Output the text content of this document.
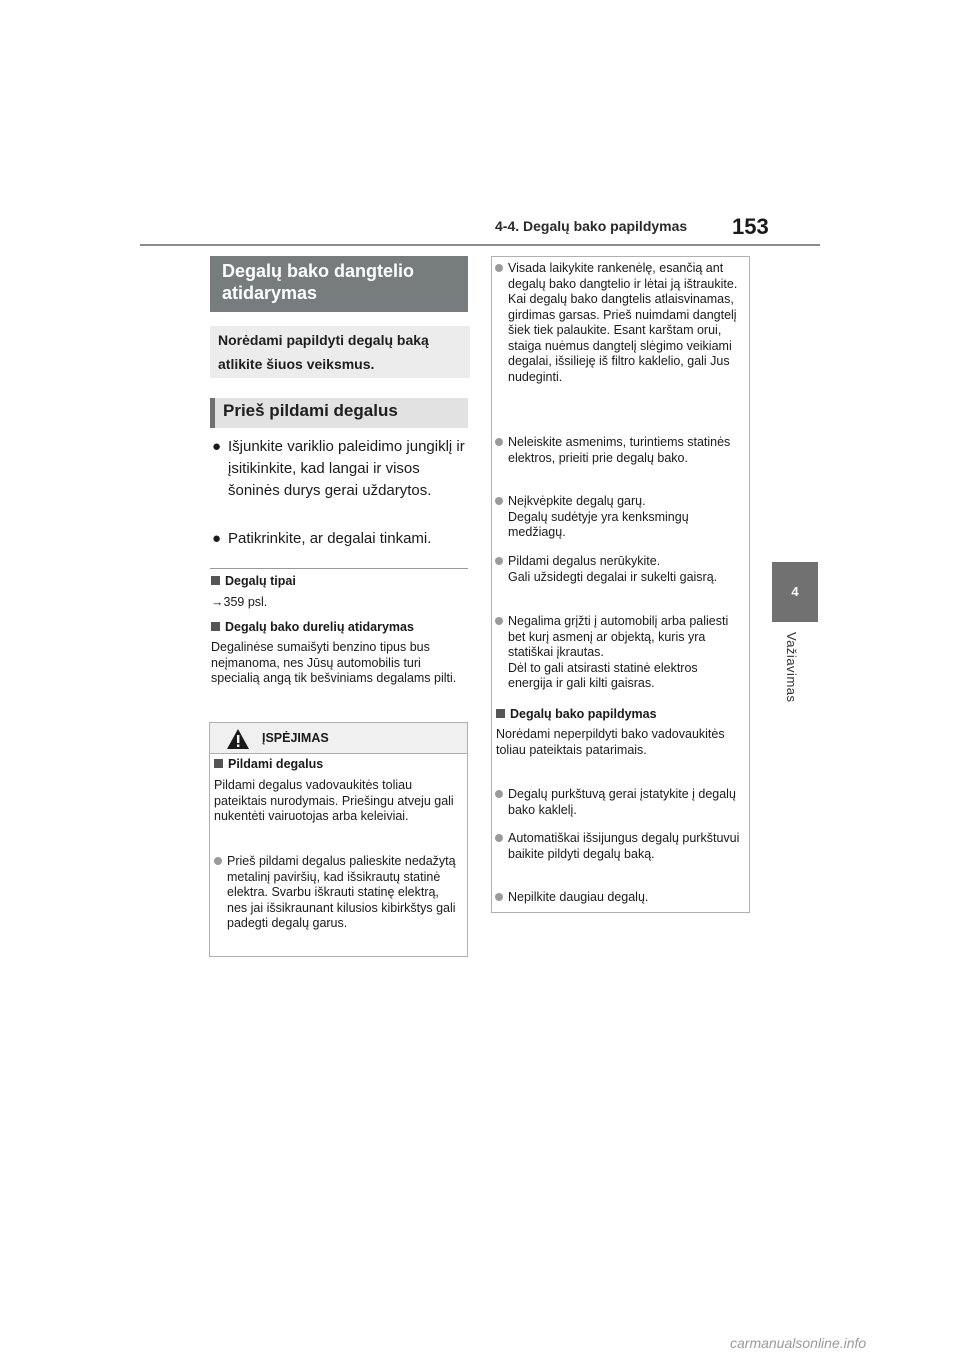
4-4. Degalų bako papildymas 153
4
Važiavimas
Degalų bako dangtelio atidarymas
Norėdami papildyti degalų baką atlikite šiuos veiksmus.
Prieš pildami degalus
● Išjunkite variklio paleidimo jungiklį ir įsitikinkite, kad langai ir visos šoninės durys gerai uždarytos.
● Patikrinkite, ar degalai tinkami.
Degalų tipai
→359 psl.
Degalų bako durelių atidarymas
Degalinėse sumaišyti benzino tipus bus neįmanoma, nes Jūsų automobilis turi specialią angą tik bešviniams degalams pilti.
ĮSPĖJIMAS
Pildami degalus
Pildami degalus vadovaukitės toliau pateiktais nurodymais. Priešingu atveju gali nukentėti vairuotojas arba keleiviai.
Prieš pildami degalus palieskite nedažytą metalinį paviršių, kad išsikrautų statinė elektra. Svarbu iškrauti statinę elektrą, nes jai išsikraunant kilusios kibirkštys gali padegti degalų garus.
Visada laikykite rankenėlę, esančią ant degalų bako dangtelio ir lėtai ją ištraukite.
Kai degalų bako dangtelis atlaisvinamas, girdimas garsas. Prieš nuimdami dangtelį šiek tiek palaukite. Esant karštam orui, staiga nuėmus dangtelį slėgimo veikiami degalai, išsilieję iš filtro kaklelio, gali Jus nudeginti.
Neleiskite asmenims, turintiems statinės elektros, prieiti prie degalų bako.
Neįkvėpkite degalų garų.
Degalų sudėtyje yra kenksmingų medžiagų.
Pildami degalus nerūkykite.
Gali užsidegti degalai ir sukelti gaisrą.
Negalima grįžti į automobilį arba paliesti bet kurį asmenį ar objektą, kuris yra statiškai įkrautas.
Dėl to gali atsirasti statinė elektros energija ir gali kilti gaisras.
Degalų bako papildymas
Norėdami neperpildyti bako vadovaukitės toliau pateiktais patarimais.
Degalų purkštuvą gerai įstatykite į degalų bako kaklelį.
Automatiškai išsijungus degalų purkštuvui baikite pildyti degalų baką.
Nepilkite daugiau degalų.
carmanualsonline.info
